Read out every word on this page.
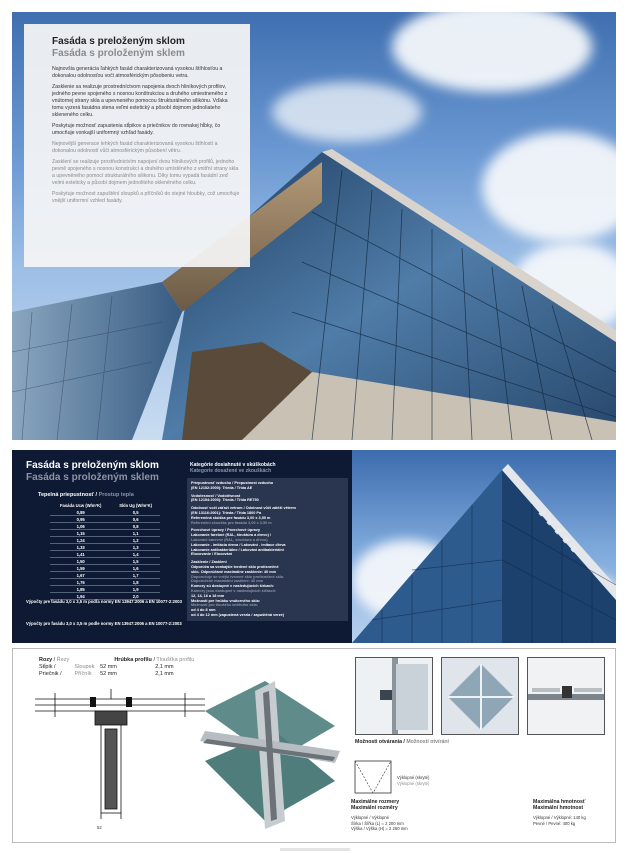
Fasáda s preloženým sklom
Fasáda s proloženým sklem

Najnovšia generácia ľahkých fasád charakterizovaná vysokou štíhlosťou a dokonalou odolnosťou voči atmosférickým pôsobeniu vetra.

Zasklenie sa realizuje prostredníctvom napojenia dvoch hliníkových profilov, jedného pevne spojeného s nosnou konštrukciou a druhého umiestneného z vnútornej strany skla a upevneného pomocou štrukturálneho silikónu. Vďaka tomu vyzerá fasádna stena veľmi estetický a pôsobí dojmom jednoliateho skleneného celku.

Poskytuje možnosť zapustenia stĺpikov a priečnikov do rovnakej hĺbky, čo umocňuje vonkajší uniformný vzhľad fasády.

Nejnovější generace lehkých fasád charakterizovaná vysokou štíhlostí a dokonalou odolností vůči atmosférickým působení větru.

Zasklení se realizuje prostřednictvím napojení dvou hliníkových profilů, jednoho pevně spojeného s nosnou konstrukcí a druhého umístěného z vnitřní strany skla a upevněného pomocí strukturálního silikonu. Díky tomu vypadá fasádní zeď velmi esteticky a působí dojmem jednolitého skleněného celku.

Poskytuje možnost zapuštění sloupků a příčníků do stejné hloubky, což umocňuje vnější uniformní vzhled fasády.

Fasáda s preloženým sklom
Fasáda s proloženým sklem
Tepelná priepustnosť / Prostup tepla
Fasáda Ucw (W/m²K)	Sklo Ug (W/m²K)
0,89	0,5
0,95	0,6
1,06	0,8
1,15	1,1
1,24	1,2
1,33	1,3
1,41	1,4
1,50	1,5
1,59	1,6
1,67	1,7
1,76	1,8
1,85	1,9
1,94	2,0
Výpočty pre fasádu 3,0 x 3,5 m podľa normy EN 13947:2006 a EN 10077-2:2003
Výpočty pro fasádu 3,0 x 3,5 m podle normy EN 13947:2006 a EN 10077-2:2003
Kategórie dosiahnuté v skúškobách
Kategorie dosažené ve zkouškách
Priepustnosť vzduchu / Propustnost vzduchu
(EN 12152:2000): Trieda / Třída AE
Vodotesnosť / Vodotěsnost
(EN 12154:2000): Trieda / Třída RE750
Odolnosť voči záťaži vetrom / Odolnost vůči zátěži větrem
(EN 13116:2001): Trieda / Třída 1800 Pa
Referenčná skúška pre fasádu 3,00 x 3,50 m
Referenční zkouška pro fasádu 3,00 x 3,50 m
Povrchové úpravy / Povrchové úpravy
Lakovanie farebné (RAL, štruktúra a drevo) /
Lakování barevné (RAL, struktura a dřevo)
Lakovanie - imitácia dreva / Lakování - imitace dřeva
Lakovanie antibakteriálne / Lakování antibakteriální
Eloxovanie / Eloxování
Zasklenie / Zasklení
Odporúča sa vonkajšie tvrdené sklo protisnečné
sklo. Odporúčané maximálne zasklenie: 40 mm
Doporučuje se vnější tvrzené sklo protisněžné sklo.
Doporučené maximální zasklení: 40 mm
Komory sú dostupné v nasledujúcich šírkach:
Komory jsou dostupné v následujících šířkách:
12, 14, 16 a 18 mm
Možnosti pre hrúbku vnútorného skla:
Možnosti pro tloušťku vnitřního skla:
od 4 do 8 mm
od 4 do 12 mm (zapustená verzia / zapuštěná verze)
Rozy / Řezy	Hrúbka profilu / Tloušťka profilu
Stĺpik /	Sloupek 52 mm	2,1 mm
Priečnik / Příčník 52 mm	2,1 mm
52
Možnosti otvárania / Možnosti otvírání
Výklopné (skryté)
Výklopné (skryté)
Maximálne rozmery
Maximální rozměry
Výklopné / Výklopné
Šírka / Šířka (L) = 2 200 mm
Výška / Výška (H) = 2 260 mm
Maximálna hmotnosť
Maximální hmotnost
Výklopné / Výklopné: 140 kg
Pevné / Pevné: 400 kg
